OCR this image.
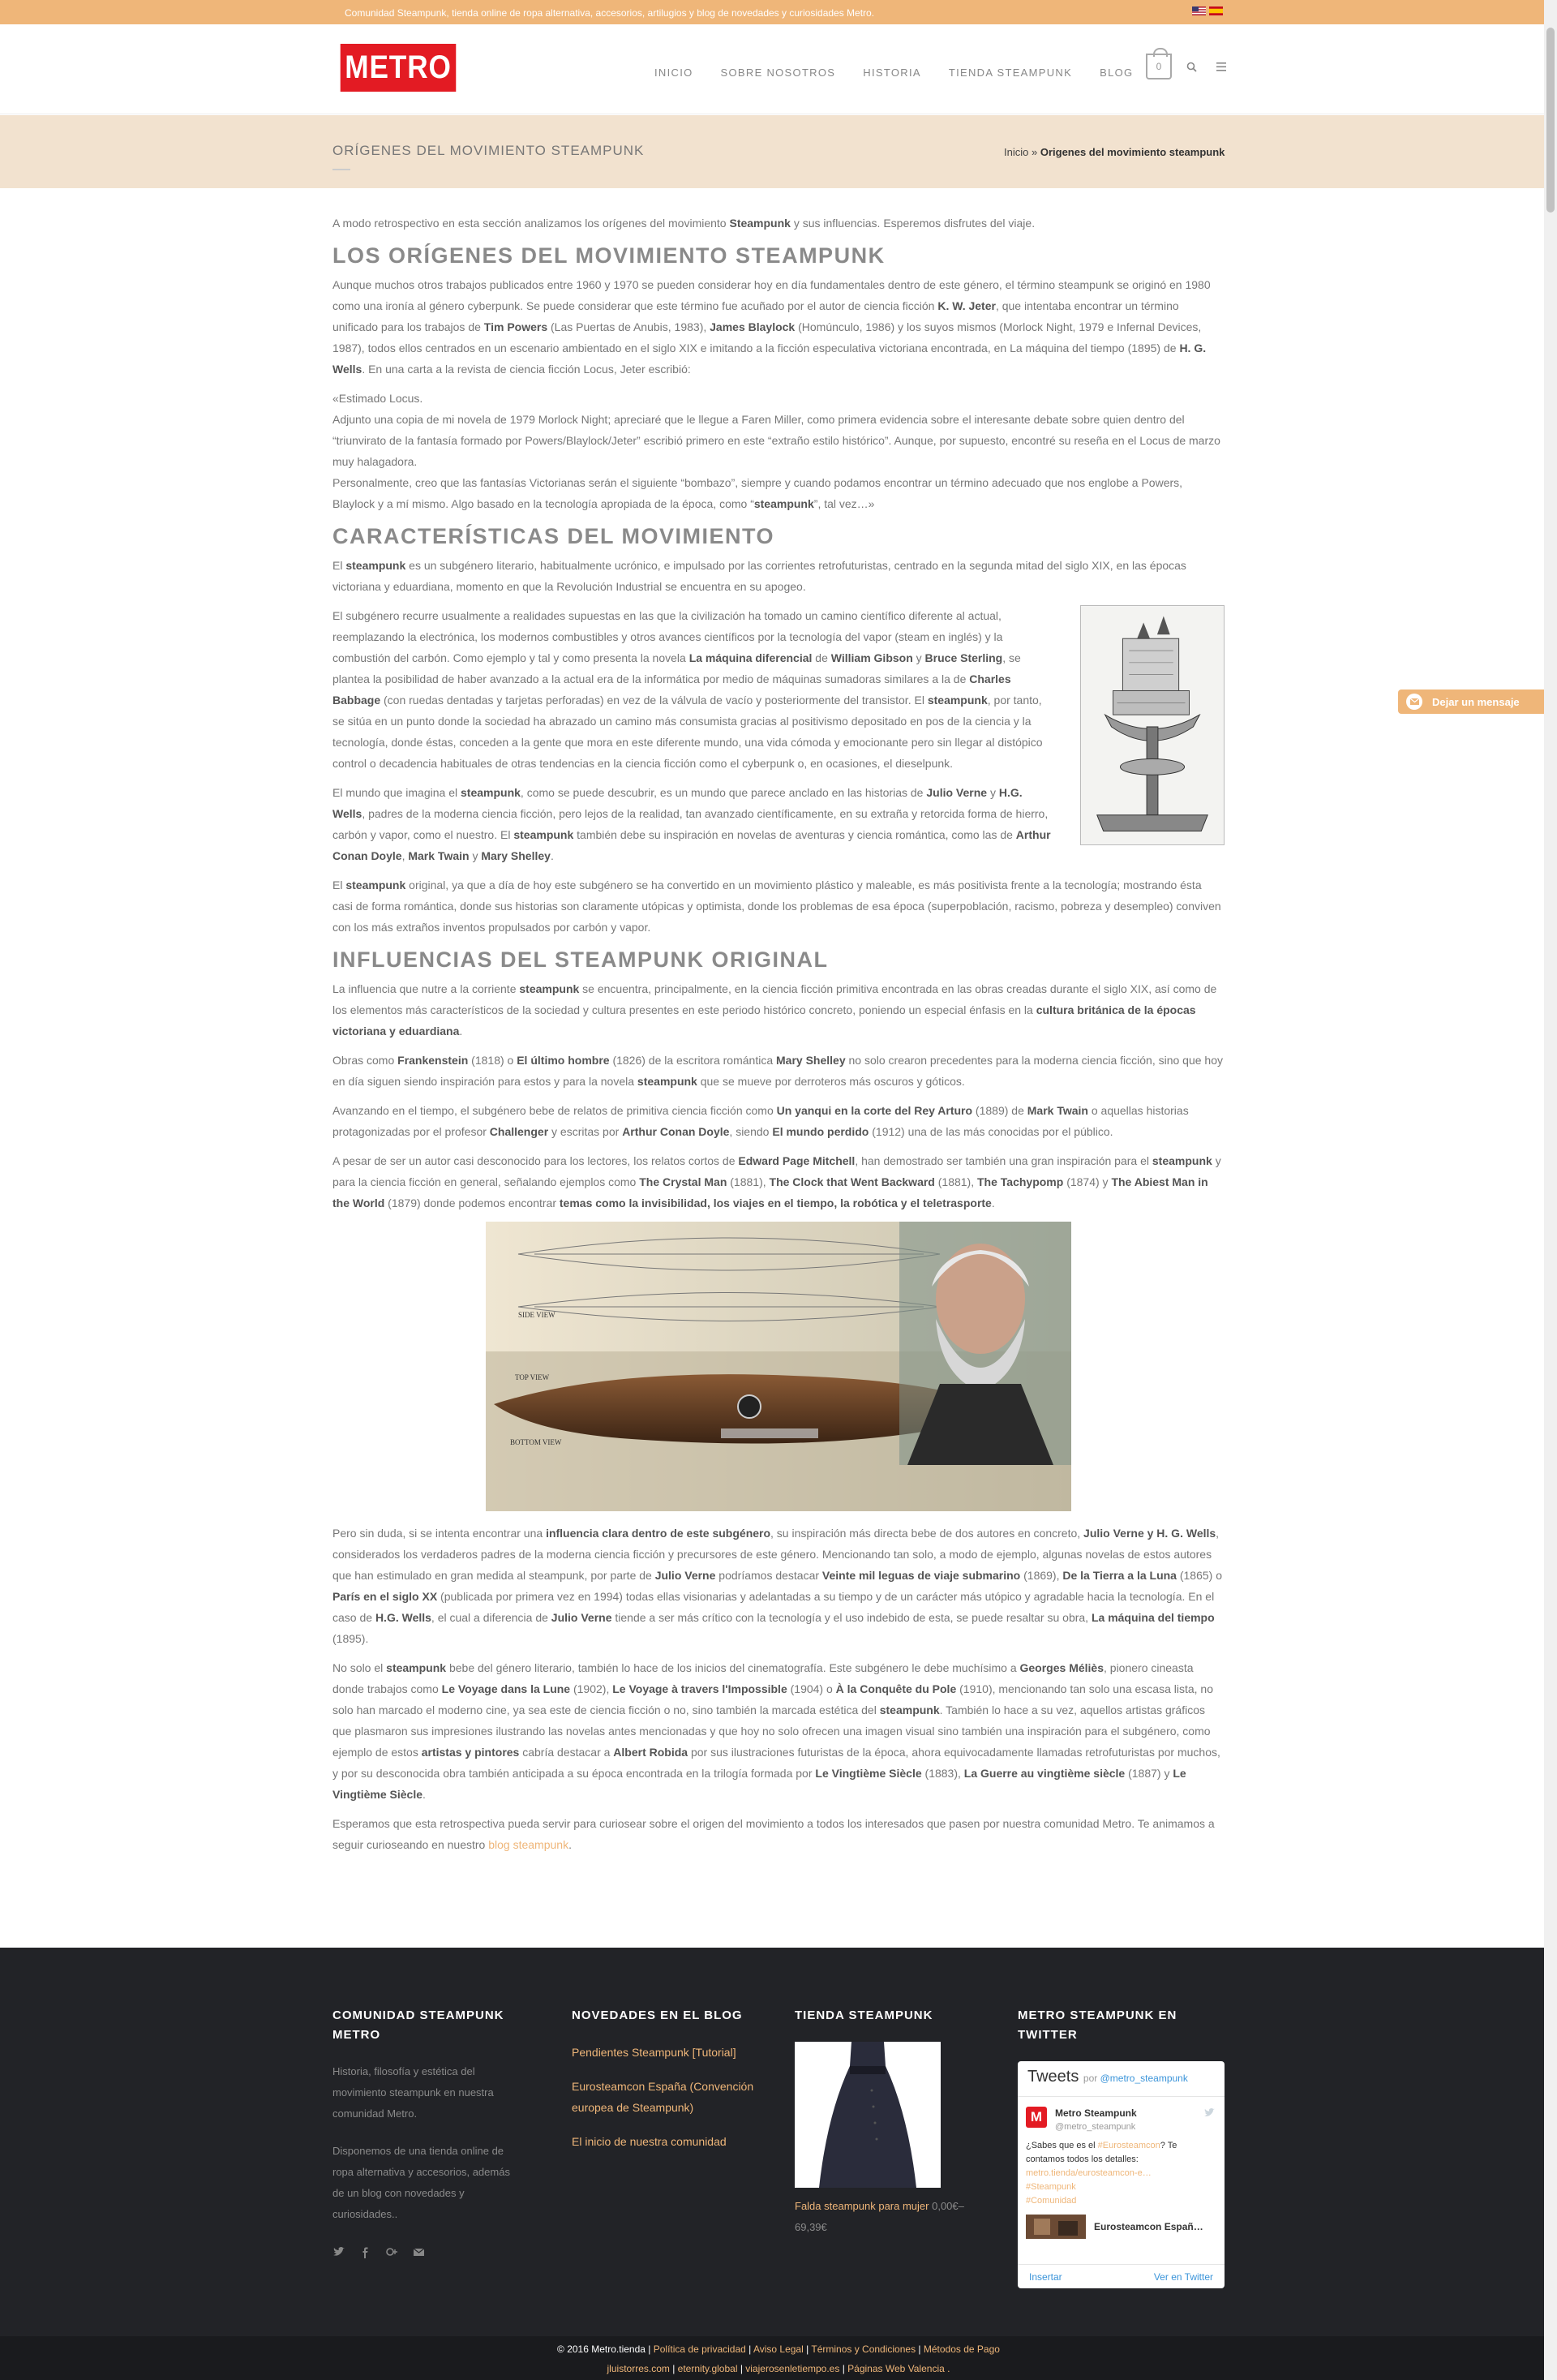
Comunidad Steampunk, tienda online de ropa alternativa, accesorios, artilugios y blog de novedades y curiosidades Metro.
METRO	INICIO	SOBRE NOSOTROS	HISTORIA	TIENDA STEAMPUNK	BLOG	0
ORÍGENES DEL MOVIMIENTO STEAMPUNK	Inicio » Origenes del movimiento steampunk

A modo retrospectivo en esta sección analizamos los orígenes del movimiento Steampunk y sus influencias. Esperemos disfrutes del viaje.

LOS ORÍGENES DEL MOVIMIENTO STEAMPUNK

Aunque muchos otros trabajos publicados entre 1960 y 1970 se pueden considerar hoy en día fundamentales dentro de este género, el término steampunk se originó en 1980 como una ironía al género cyberpunk. Se puede considerar que este término fue acuñado por el autor de ciencia ficción K. W. Jeter, que intentaba encontrar un término unificado para los trabajos de Tim Powers (Las Puertas de Anubis, 1983), James Blaylock (Homúnculo, 1986) y los suyos mismos (Morlock Night, 1979 e Infernal Devices, 1987), todos ellos centrados en un escenario ambientado en el siglo XIX e imitando a la ficción especulativa victoriana encontrada, en La máquina del tiempo (1895) de H. G. Wells. En una carta a la revista de ciencia ficción Locus, Jeter escribió:

«Estimado Locus.

Adjunto una copia de mi novela de 1979 Morlock Night; apreciaré que le llegue a Faren Miller, como primera evidencia sobre el interesante debate sobre quien dentro del “triunvirato de la fantasía formado por Powers/Blaylock/Jeter” escribió primero en este “extraño estilo histórico”. Aunque, por supuesto, encontré su reseña en el Locus de marzo muy halagadora.

Personalmente, creo que las fantasías Victorianas serán el siguiente “bombazo”, siempre y cuando podamos encontrar un término adecuado que nos englobe a Powers, Blaylock y a mí mismo. Algo basado en la tecnología apropiada de la época, como “steampunk”, tal vez…»

CARACTERÍSTICAS DEL MOVIMIENTO

El steampunk es un subgénero literario, habitualmente ucrónico, e impulsado por las corrientes retrofuturistas, centrado en la segunda mitad del siglo XIX, en las épocas victoriana y eduardiana, momento en que la Revolución Industrial se encuentra en su apogeo.

El subgénero recurre usualmente a realidades supuestas en las que la civilización ha tomado un camino científico diferente al actual, reemplazando la electrónica, los modernos combustibles y otros avances científicos por la tecnología del vapor (steam en inglés) y la combustión del carbón. Como ejemplo y tal y como presenta la novela La máquina diferencial de William Gibson y Bruce Sterling, se plantea la posibilidad de haber avanzado a la actual era de la informática por medio de máquinas sumadoras similares a la de Charles Babbage (con ruedas dentadas y tarjetas perforadas) en vez de la válvula de vacío y posteriormente del transistor. El steampunk, por tanto, se sitúa en un punto donde la sociedad ha abrazado un camino más consumista gracias al positivismo depositado en pos de la ciencia y la tecnología, donde éstas, conceden a la gente que mora en este diferente mundo, una vida cómoda y emocionante pero sin llegar al distópico control o decadencia habituales de otras tendencias en la ciencia ficción como el cyberpunk o, en ocasiones, el dieselpunk.

El mundo que imagina el steampunk, como se puede descubrir, es un mundo que parece anclado en las historias de Julio Verne y H.G. Wells, padres de la moderna ciencia ficción, pero lejos de la realidad, tan avanzado científicamente, en su extraña y retorcida forma de hierro, carbón y vapor, como el nuestro. El steampunk también debe su inspiración en novelas de aventuras y ciencia romántica, como las de Arthur Conan Doyle, Mark Twain y Mary Shelley.

El steampunk original, ya que a día de hoy este subgénero se ha convertido en un movimiento plástico y maleable, es más positivista frente a la tecnología; mostrando ésta casi de forma romántica, donde sus historias son claramente utópicas y optimista, donde los problemas de esa época (superpoblación, racismo, pobreza y desempleo) conviven con los más extraños inventos propulsados por carbón y vapor.

INFLUENCIAS DEL STEAMPUNK ORIGINAL

La influencia que nutre a la corriente steampunk se encuentra, principalmente, en la ciencia ficción primitiva encontrada en las obras creadas durante el siglo XIX, así como de los elementos más característicos de la sociedad y cultura presentes en este periodo histórico concreto, poniendo un especial énfasis en la cultura británica de la épocas victoriana y eduardiana.

Obras como Frankenstein (1818) o El último hombre (1826) de la escritora romántica Mary Shelley no solo crearon precedentes para la moderna ciencia ficción, sino que hoy en día siguen siendo inspiración para estos y para la novela steampunk que se mueve por derroteros más oscuros y góticos.

Avanzando en el tiempo, el subgénero bebe de relatos de primitiva ciencia ficción como Un yanqui en la corte del Rey Arturo (1889) de Mark Twain o aquellas historias protagonizadas por el profesor Challenger y escritas por Arthur Conan Doyle, siendo El mundo perdido (1912) una de las más conocidas por el público.

A pesar de ser un autor casi desconocido para los lectores, los relatos cortos de Edward Page Mitchell, han demostrado ser también una gran inspiración para el steampunk y para la ciencia ficción en general, señalando ejemplos como The Crystal Man (1881), The Clock that Went Backward (1881), The Tachypomp (1874) y The Abiest Man in the World (1879) donde podemos encontrar temas como la invisibilidad, los viajes en el tiempo, la robótica y el teletrasporte.

SIDE VIEW
TOP VIEW
BOTTOM VIEW

Pero sin duda, si se intenta encontrar una influencia clara dentro de este subgénero, su inspiración más directa bebe de dos autores en concreto, Julio Verne y H. G. Wells, considerados los verdaderos padres de la moderna ciencia ficción y precursores de este género. Mencionando tan solo, a modo de ejemplo, algunas novelas de estos autores que han estimulado en gran medida al steampunk, por parte de Julio Verne podríamos destacar Veinte mil leguas de viaje submarino (1869), De la Tierra a la Luna (1865) o París en el siglo XX (publicada por primera vez en 1994) todas ellas visionarias y adelantadas a su tiempo y de un carácter más utópico y agradable hacia la tecnología. En el caso de H.G. Wells, el cual a diferencia de Julio Verne tiende a ser más crítico con la tecnología y el uso indebido de esta, se puede resaltar su obra, La máquina del tiempo (1895).

No solo el steampunk bebe del género literario, también lo hace de los inicios del cinematografía. Este subgénero le debe muchísimo a Georges Méliès, pionero cineasta donde trabajos como Le Voyage dans la Lune (1902), Le Voyage à travers l'Impossible (1904) o À la Conquête du Pole (1910), mencionando tan solo una escasa lista, no solo han marcado el moderno cine, ya sea este de ciencia ficción o no, sino también la marcada estética del steampunk. También lo hace a su vez, aquellos artistas gráficos que plasmaron sus impresiones ilustrando las novelas antes mencionadas y que hoy no solo ofrecen una imagen visual sino también una inspiración para el subgénero, como ejemplo de estos artistas y pintores cabría destacar a Albert Robida por sus ilustraciones futuristas de la época, ahora equivocadamente llamadas retrofuturistas por muchos, y por su desconocida obra también anticipada a su época encontrada en la trilogía formada por Le Vingtième Siècle (1883), La Guerre au vingtième siècle (1887) y Le Vingtième Siècle.

Esperamos que esta retrospectiva pueda servir para curiosear sobre el origen del movimiento a todos los interesados que pasen por nuestra comunidad Metro. Te animamos a seguir curioseando en nuestro blog steampunk.

Dejar un mensaje
COMUNIDAD STEAMPUNK METRO

Historia, filosofía y estética del movimiento steampunk en nuestra comunidad Metro.

Disponemos de una tienda online de ropa alternativa y accesorios, además de un blog con novedades y curiosidades..

NOVEDADES EN EL BLOG
Pendientes Steampunk [Tutorial]
Eurosteamcon España (Convención europea de Steampunk)
El inicio de nuestra comunidad
TIENDA STEAMPUNK

Falda steampunk para mujer 0,00€–69,39€

METRO STEAMPUNK EN TWITTER
Tweets por @metro_steampunk
M	Metro Steampunk
@metro_steampunk
¿Sabes que es el #Eurosteamcon? Te contamos todos los detalles:
metro.tienda/eurosteamcon-e…
#Steampunk
#Comunidad
Eurosteamcon Españ…
Insertar	Ver en Twitter
© 2016 Metro.tienda | Política de privacidad | Aviso Legal | Términos y Condiciones | Métodos de Pago
jluistorres.com | eternity.global | viajerosenletiempo.es | Páginas Web Valencia .
